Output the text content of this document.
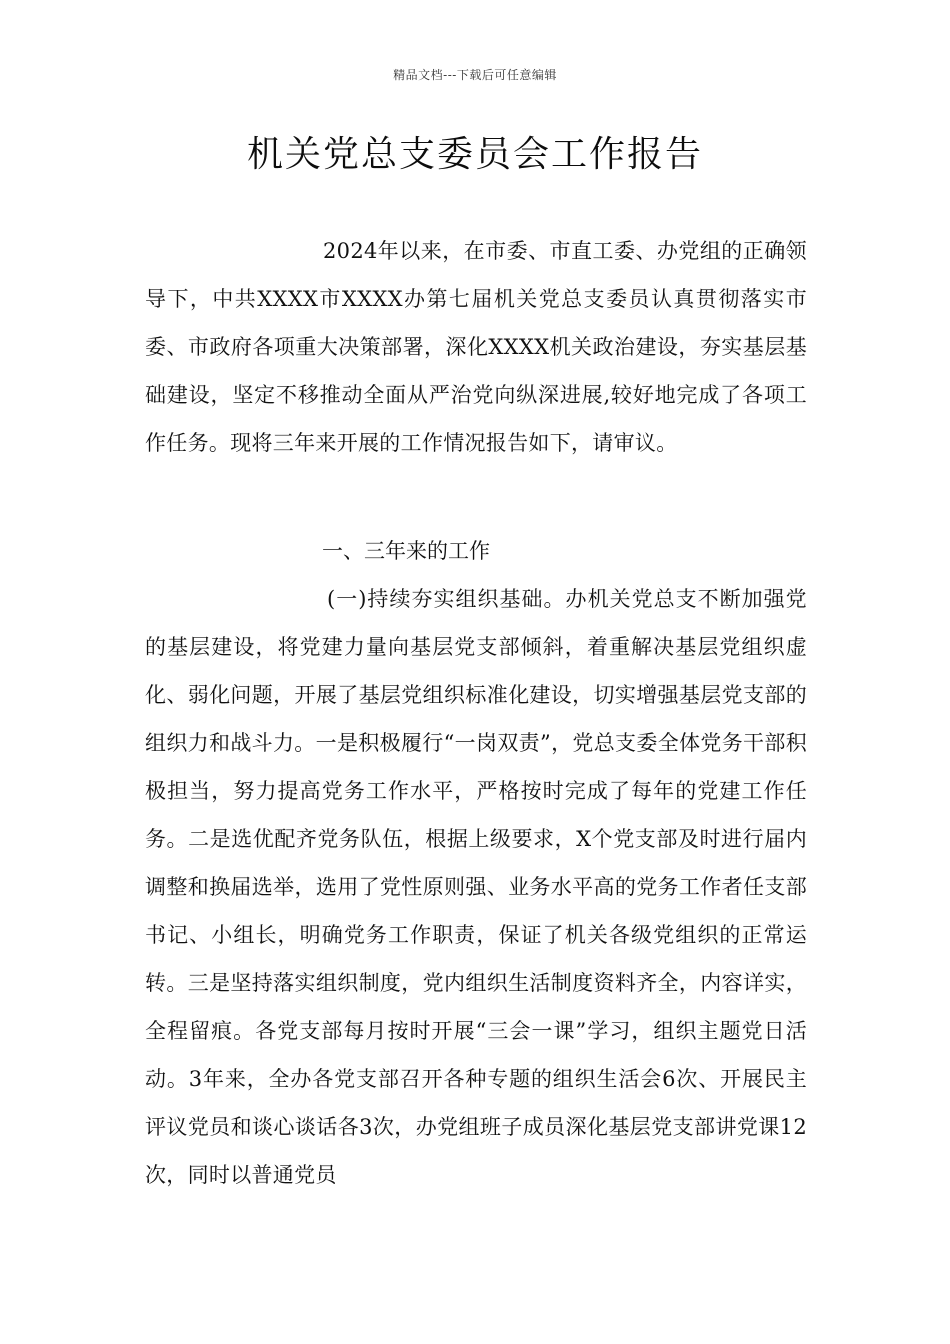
精品文档---下载后可任意编辑
机关党总支委员会工作报告

2024年以来，在市委、市直工委、办党组的正确领导下，中共XXXX市XXXX办第七届机关党总支委员认真贯彻落实市委、市政府各项重大决策部署，深化XXXX机关政治建设，夯实基层基础建设，坚定不移推动全面从严治党向纵深进展,较好地完成了各项工作任务。现将三年来开展的工作情况报告如下，请审议。

一、三年来的工作

(一)持续夯实组织基础。办机关党总支不断加强党的基层建设，将党建力量向基层党支部倾斜，着重解决基层党组织虚化、弱化问题，开展了基层党组织标准化建设，切实增强基层党支部的组织力和战斗力。一是积极履行“一岗双责”，党总支委全体党务干部积极担当，努力提高党务工作水平，严格按时完成了每年的党建工作任务。二是选优配齐党务队伍，根据上级要求，X个党支部及时进行届内调整和换届选举，选用了党性原则强、业务水平高的党务工作者任支部书记、小组长，明确党务工作职责，保证了机关各级党组织的正常运转。三是坚持落实组织制度，党内组织生活制度资料齐全，内容详实，全程留痕。各党支部每月按时开展“三会一课”学习，组织主题党日活动。3年来，全办各党支部召开各种专题的组织生活会6次、开展民主评议党员和谈心谈话各3次，办党组班子成员深化基层党支部讲党课12次，同时以普通党员
